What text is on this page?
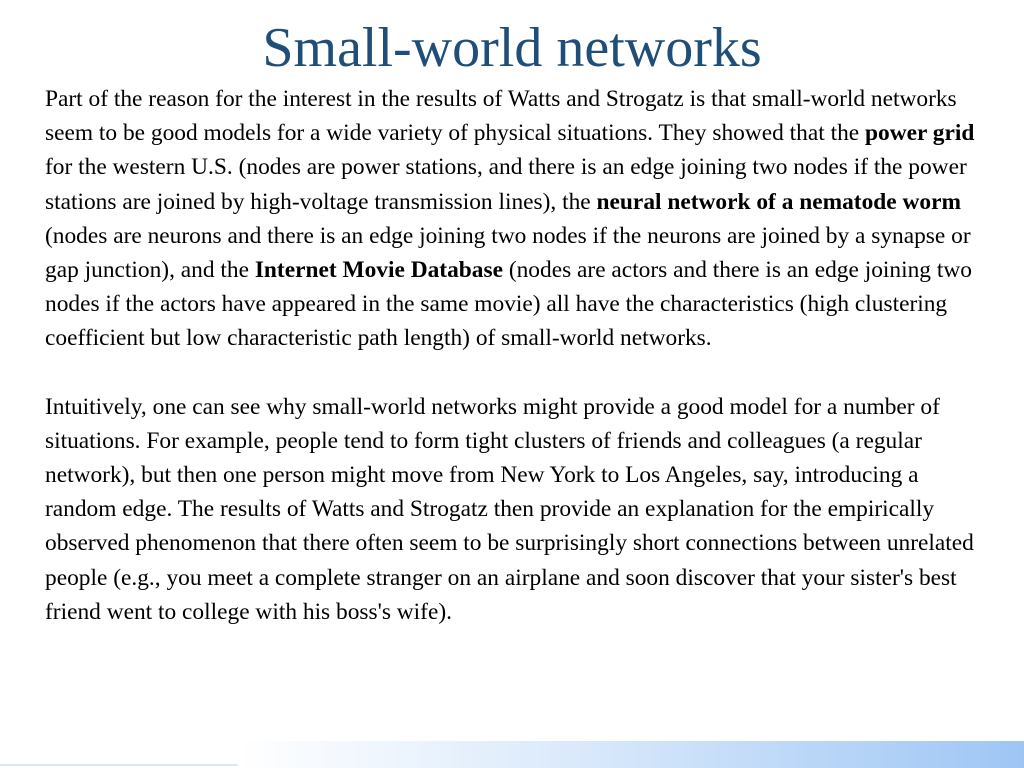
Small-world networks

Part of the reason for the interest in the results of Watts and Strogatz is that small-world networks seem to be good models for a wide variety of physical situations. They showed that the power grid for the western U.S. (nodes are power stations, and there is an edge joining two nodes if the power stations are joined by high-voltage transmission lines), the neural network of a nematode worm (nodes are neurons and there is an edge joining two nodes if the neurons are joined by a synapse or gap junction), and the Internet Movie Database (nodes are actors and there is an edge joining two nodes if the actors have appeared in the same movie) all have the characteristics (high clustering coefficient but low characteristic path length) of small-world networks.

Intuitively, one can see why small-world networks might provide a good model for a number of situations. For example, people tend to form tight clusters of friends and colleagues (a regular network), but then one person might move from New York to Los Angeles, say, introducing a random edge. The results of Watts and Strogatz then provide an explanation for the empirically observed phenomenon that there often seem to be surprisingly short connections between unrelated people (e.g., you meet a complete stranger on an airplane and soon discover that your sister's best friend went to college with his boss's wife).
